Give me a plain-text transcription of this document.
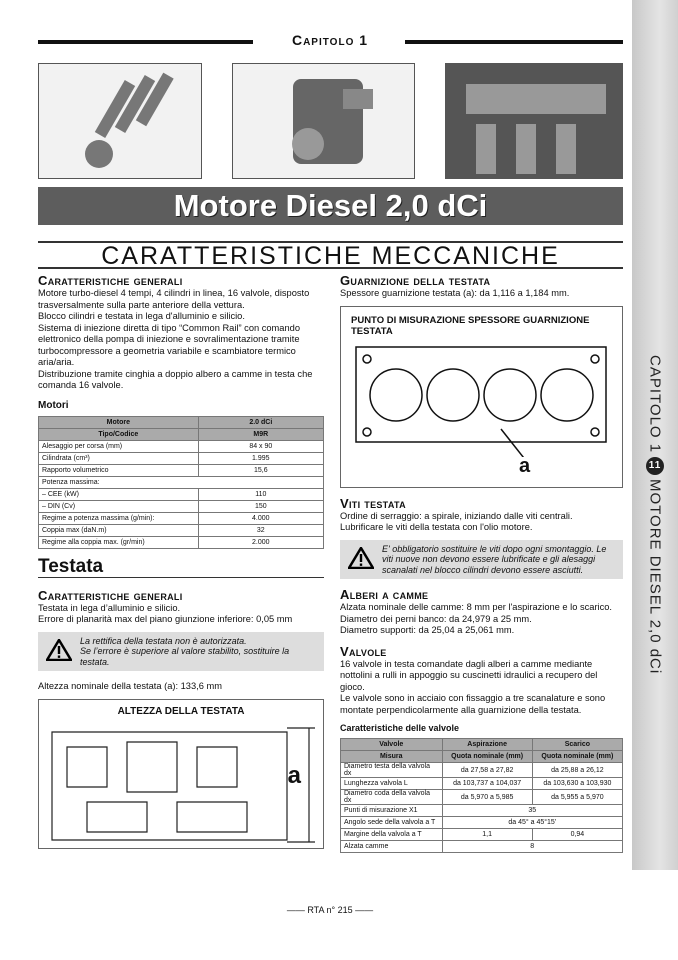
CAPITOLO 1
11
MOTORE DIESEL 2,0 dCi
Capitolo 1
Motore Diesel 2,0 dCi
CARATTERISTICHE MECCANICHE
Caratteristiche generali
Motore turbo-diesel 4 tempi, 4 cilindri in linea, 16 valvole, disposto trasversalmente sulla parte anteriore della vettura.
Blocco cilindri e testata in lega d'alluminio e silicio.
Sistema di iniezione diretta di tipo “Common Rail” con comando elettronico della pompa di iniezione e sovralimentazione tramite turbocompressore a geometria variabile e scambiatore termico aria/aria.
Distribuzione tramite cinghia a doppio albero a camme in testa che comanda 16 valvole.
Motori
Motore	2.0 dCi
Tipo/Codice	M9R
Alesaggio per corsa (mm)	84 x 90
Cilindrata (cm³)	1.995
Rapporto volumetrico	15,6
Potenza massima:	
– CEE (kW)	110
– DIN (Cv)	150
Regime a potenza massima (g/min):	4.000
Coppia max (daN.m)	32
Regime alla coppia max. (gr/min)	2.000
Testata
Caratteristiche generali
Testata in lega d’alluminio e silicio.
Errore di planarità max del piano giunzione inferiore: 0,05 mm
La rettifica della testata non è autorizzata.
Se l’errore è superiore al valore stabilito, sostituire la testata.
Altezza nominale della testata (a): 133,6 mm
ALTEZZA DELLA TESTATA
a
Guarnizione della testata
Spessore guarnizione testata (a): da 1,116 a 1,184 mm.
PUNTO DI MISURAZIONE SPESSORE GUARNIZIONE TESTATA
a
Viti testata
Ordine di serraggio: a spirale, iniziando dalle viti centrali.
Lubrificare le viti della testata con l'olio motore.
E' obbligatorio sostituire le viti dopo ogni smontaggio. Le viti nuove non devono essere lubrificate e gli alesaggi scanalati nel blocco cilindri devono essere asciutti.
Alberi a camme
Alzata nominale delle camme: 8 mm per l'aspirazione e lo scarico.
Diametro dei perni banco: da 24,979 a 25 mm.
Diametro supporti: da 25,04 a 25,061 mm.
Valvole
16 valvole in testa comandate dagli alberi a camme mediante nottolini a rulli in appoggio su cuscinetti idraulici a recupero del gioco.
Le valvole sono in acciaio con fissaggio a tre scanalature e sono montate perpendicolarmente alla guarnizione della testata.
Caratteristiche delle valvole
Valvole	Aspirazione	Scarico
Misura	Quota nominale (mm)	Quota nominale (mm)
Diametro testa della valvola dx	da 27,58 a 27,82	da 25,88 a 26,12
Lunghezza valvola L	da 103,737 a 104,037	da 103,630 a 103,930
Diametro coda della valvola dx	da 5,970 a 5,985	da 5,955 a 5,970
Punti di misurazione X1	35	
Angolo sede della valvola a T	da 45° a 45°15'	
Margine della valvola a T	1,1	0,94
Alzata camme	8	
—— RTA n° 215 ——
